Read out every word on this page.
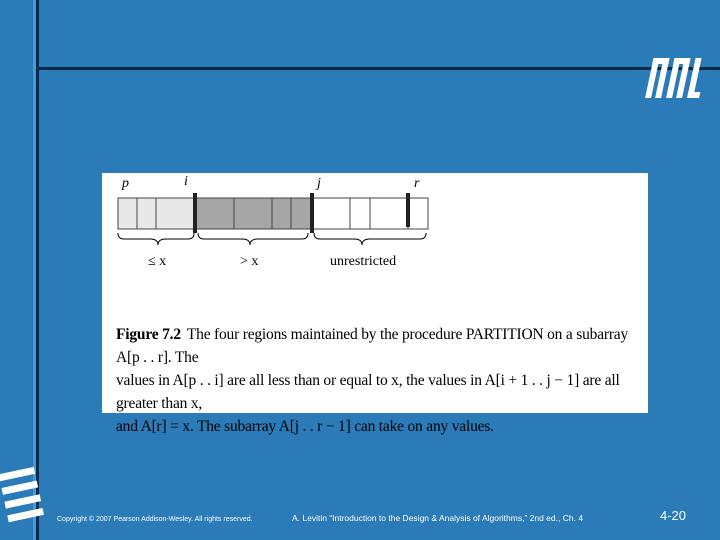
p	i	j	r
≤ x	> x	unrestricted
Figure 7.2 The four regions maintained by the procedure PARTITION on a subarray A[p . . r]. The
values in A[p . . i] are all less than or equal to x, the values in A[i + 1 . . j − 1] are all greater than x,
and A[r] = x. The subarray A[j . . r − 1] can take on any values.
Copyright © 2007 Pearson Addison-Wesley. All rights reserved.	A. Levitin “Introduction to the Design & Analysis of Algorithms,” 2nd ed., Ch. 4	4-20
